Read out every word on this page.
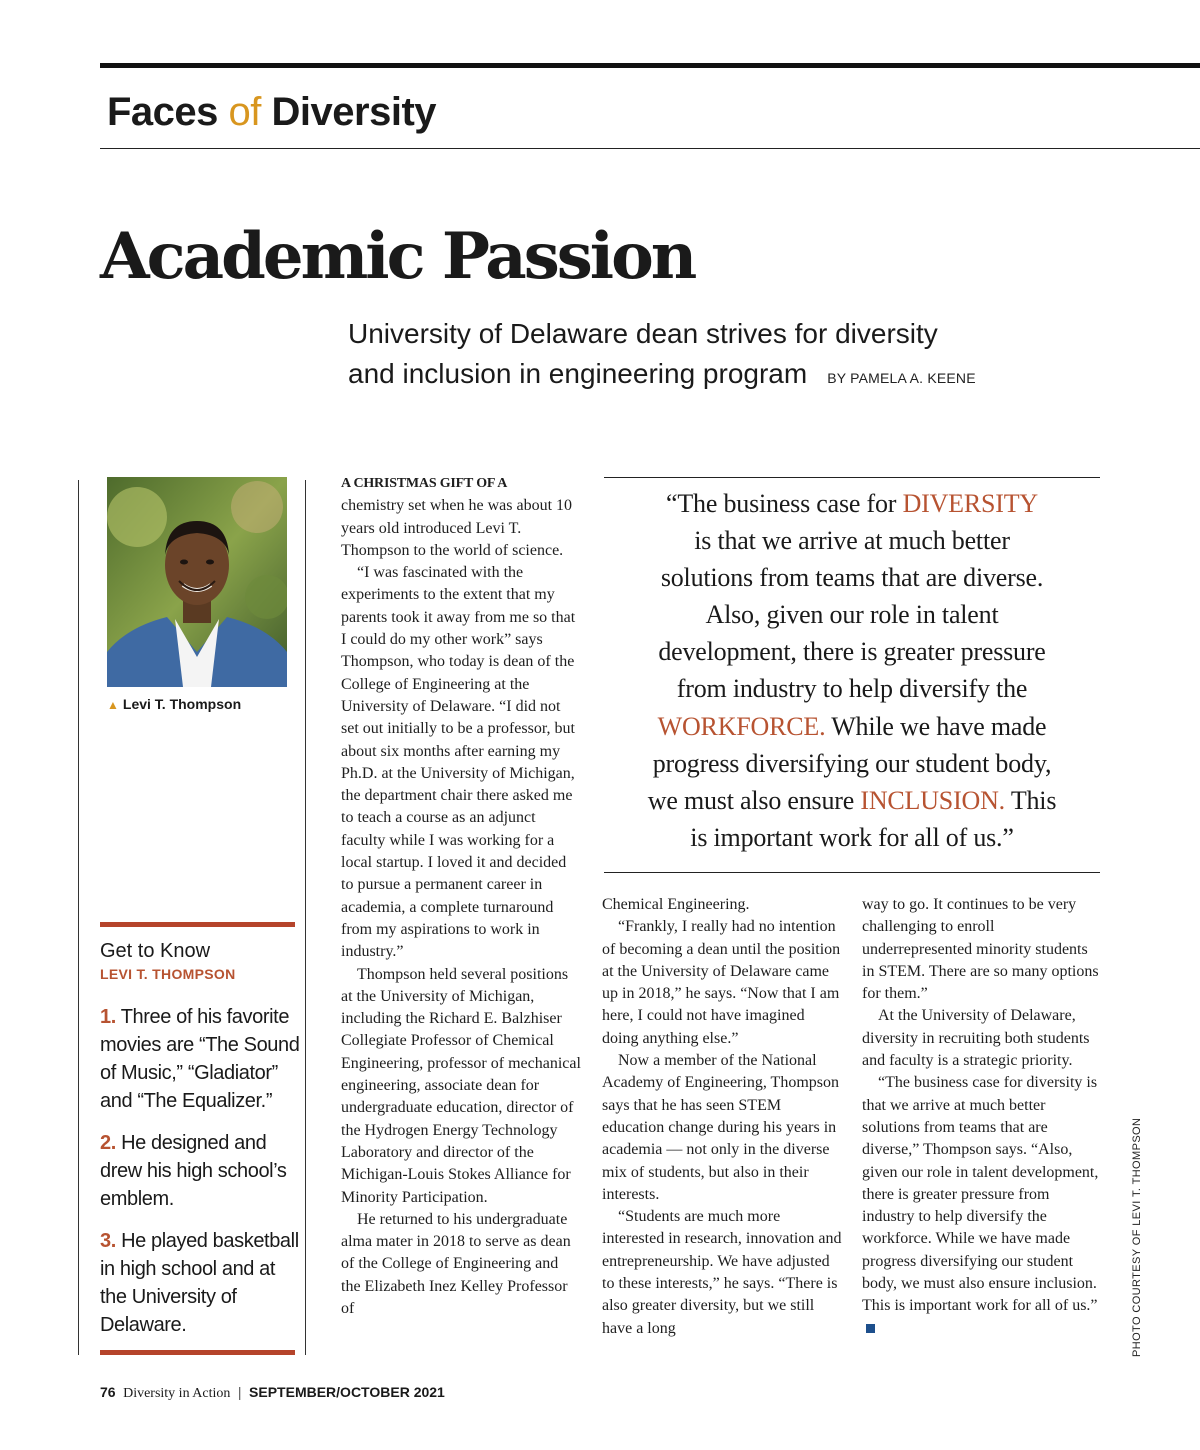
Faces of Diversity
Academic Passion
University of Delaware dean strives for diversity
and inclusion in engineering program BY PAMELA A. KEENE
▲ Levi T. Thompson
Get to Know
LEVI T. THOMPSON

1. Three of his favorite movies are “The Sound of Music,” “Gladiator” and “The Equalizer.”

2. He designed and drew his high school’s emblem.

3. He played basketball in high school and at the University of Delaware.

A CHRISTMAS GIFT OF A
chemistry set when he was about 10 years old introduced Levi T. Thompson to the world of science.

“I was fascinated with the experiments to the extent that my parents took it away from me so that I could do my other work” says Thompson, who today is dean of the College of Engineering at the University of Delaware. “I did not set out initially to be a professor, but about six months after earning my Ph.D. at the University of Michigan, the department chair there asked me to teach a course as an adjunct faculty while I was working for a local startup. I loved it and decided to pursue a permanent career in academia, a complete turnaround from my aspirations to work in industry.”

Thompson held several positions at the University of Michigan, including the Richard E. Balzhiser Collegiate Professor of Chemical Engineering, professor of mechanical engineering, associate dean for undergraduate education, director of the Hydrogen Energy Technology Laboratory and director of the Michigan-Louis Stokes Alliance for Minority Participation.

He returned to his undergraduate alma mater in 2018 to serve as dean of the College of Engineering and the Elizabeth Inez Kelley Professor of

“The business case for DIVERSITY
is that we arrive at much better
solutions from teams that are diverse.
Also, given our role in talent
development, there is greater pressure
from industry to help diversify the
WORKFORCE. While we have made
progress diversifying our student body,
we must also ensure INCLUSION. This
is important work for all of us.”

Chemical Engineering.

“Frankly, I really had no intention of becoming a dean until the position at the University of Delaware came up in 2018,” he says. “Now that I am here, I could not have imagined doing anything else.”

Now a member of the National Academy of Engineering, Thompson says that he has seen STEM education change during his years in academia — not only in the diverse mix of students, but also in their interests.

“Students are much more interested in research, innovation and entrepreneurship. We have adjusted to these interests,” he says. “There is also greater diversity, but we still have a long

way to go. It continues to be very challenging to enroll underrepresented minority students in STEM. There are so many options for them.”

At the University of Delaware, diversity in recruiting both students and faculty is a strategic priority.

“The business case for diversity is that we arrive at much better solutions from teams that are diverse,” Thompson says. “Also, given our role in talent development, there is greater pressure from industry to help diversify the workforce. While we have made progress diversifying our student body, we must also ensure inclusion. This is important work for all of us.”	PHOTO COURTESY OF LEVI T. THOMPSON
76 Diversity in Action | SEPTEMBER/OCTOBER 2021
